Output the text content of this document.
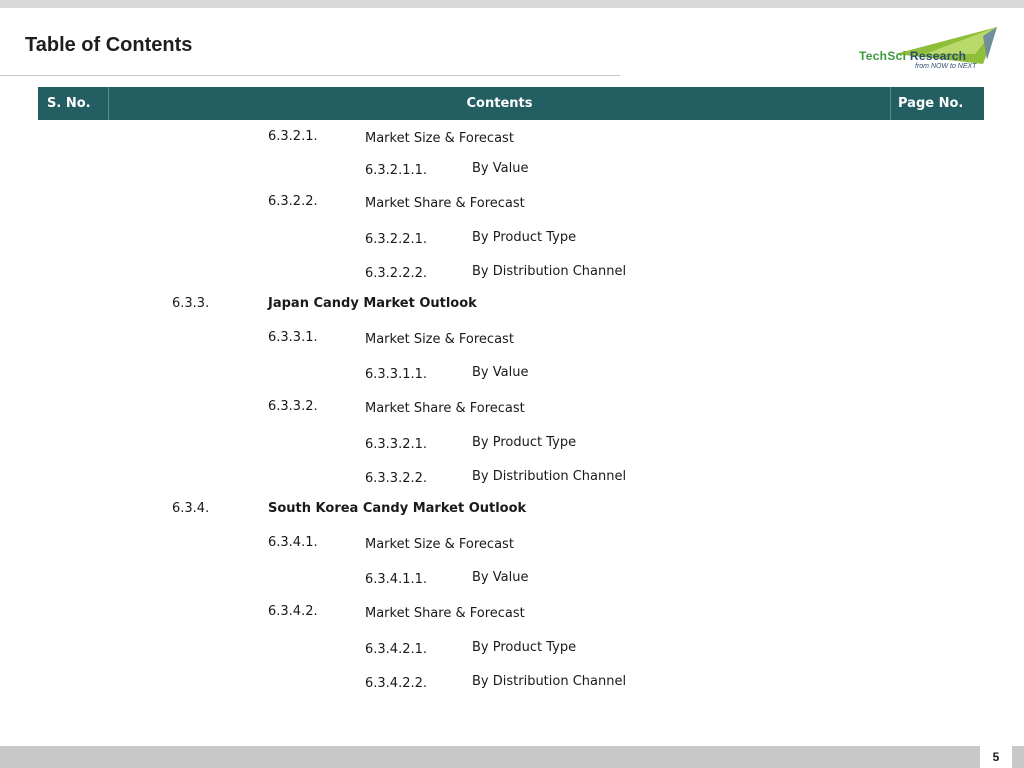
Table of Contents	TechSci Research
from NOW to NEXT
S. No.	Contents	Page No.
6.3.2.1.	Market Size & Forecast
6.3.2.1.1.	By Value
6.3.2.2.	Market Share & Forecast
6.3.2.2.1.	By Product Type
6.3.2.2.2.	By Distribution Channel
6.3.3.	Japan Candy Market Outlook
6.3.3.1.	Market Size & Forecast
6.3.3.1.1.	By Value
6.3.3.2.	Market Share & Forecast
6.3.3.2.1.	By Product Type
6.3.3.2.2.	By Distribution Channel
6.3.4.	South Korea Candy Market Outlook
6.3.4.1.	Market Size & Forecast
6.3.4.1.1.	By Value
6.3.4.2.	Market Share & Forecast
6.3.4.2.1.	By Product Type
6.3.4.2.2.	By Distribution Channel
5
